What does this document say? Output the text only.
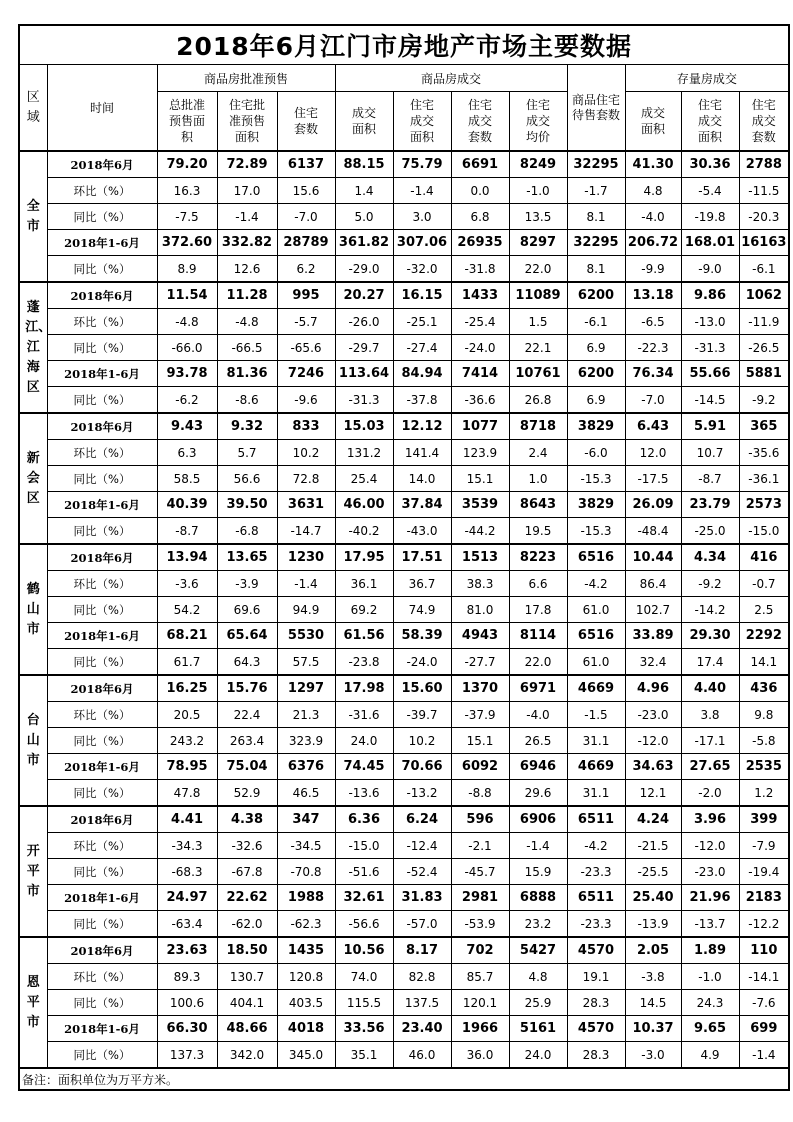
2018年6月江门市房地产市场主要数据												
区域	时间	商品房批准预售			商品房成交				商品住宅待售套数	存量房成交		
		总批准预售面积	住宅批准预售面积	住宅套数	成交面积	住宅成交面积	住宅成交套数	住宅成交均价		成交面积	住宅成交面积	住宅成交套数
全市	2018年6月	79.20	72.89	6137	88.15	75.79	6691	8249	32295	41.30	30.36	2788
	环比（%）	16.3	17.0	15.6	1.4	-1.4	0.0	-1.0	-1.7	4.8	-5.4	-11.5
	同比（%）	-7.5	-1.4	-7.0	5.0	3.0	6.8	13.5	8.1	-4.0	-19.8	-20.3
	2018年1-6月	372.60	332.82	28789	361.82	307.06	26935	8297	32295	206.72	168.01	16163
	同比（%）	8.9	12.6	6.2	-29.0	-32.0	-31.8	22.0	8.1	-9.9	-9.0	-6.1
蓬江、江海区	2018年6月	11.54	11.28	995	20.27	16.15	1433	11089	6200	13.18	9.86	1062
	环比（%）	-4.8	-4.8	-5.7	-26.0	-25.1	-25.4	1.5	-6.1	-6.5	-13.0	-11.9
	同比（%）	-66.0	-66.5	-65.6	-29.7	-27.4	-24.0	22.1	6.9	-22.3	-31.3	-26.5
	2018年1-6月	93.78	81.36	7246	113.64	84.94	7414	10761	6200	76.34	55.66	5881
	同比（%）	-6.2	-8.6	-9.6	-31.3	-37.8	-36.6	26.8	6.9	-7.0	-14.5	-9.2
新会区	2018年6月	9.43	9.32	833	15.03	12.12	1077	8718	3829	6.43	5.91	365
	环比（%）	6.3	5.7	10.2	131.2	141.4	123.9	2.4	-6.0	12.0	10.7	-35.6
	同比（%）	58.5	56.6	72.8	25.4	14.0	15.1	1.0	-15.3	-17.5	-8.7	-36.1
	2018年1-6月	40.39	39.50	3631	46.00	37.84	3539	8643	3829	26.09	23.79	2573
	同比（%）	-8.7	-6.8	-14.7	-40.2	-43.0	-44.2	19.5	-15.3	-48.4	-25.0	-15.0
鹤山市	2018年6月	13.94	13.65	1230	17.95	17.51	1513	8223	6516	10.44	4.34	416
	环比（%）	-3.6	-3.9	-1.4	36.1	36.7	38.3	6.6	-4.2	86.4	-9.2	-0.7
	同比（%）	54.2	69.6	94.9	69.2	74.9	81.0	17.8	61.0	102.7	-14.2	2.5
	2018年1-6月	68.21	65.64	5530	61.56	58.39	4943	8114	6516	33.89	29.30	2292
	同比（%）	61.7	64.3	57.5	-23.8	-24.0	-27.7	22.0	61.0	32.4	17.4	14.1
台山市	2018年6月	16.25	15.76	1297	17.98	15.60	1370	6971	4669	4.96	4.40	436
	环比（%）	20.5	22.4	21.3	-31.6	-39.7	-37.9	-4.0	-1.5	-23.0	3.8	9.8
	同比（%）	243.2	263.4	323.9	24.0	10.2	15.1	26.5	31.1	-12.0	-17.1	-5.8
	2018年1-6月	78.95	75.04	6376	74.45	70.66	6092	6946	4669	34.63	27.65	2535
	同比（%）	47.8	52.9	46.5	-13.6	-13.2	-8.8	29.6	31.1	12.1	-2.0	1.2
开平市	2018年6月	4.41	4.38	347	6.36	6.24	596	6906	6511	4.24	3.96	399
	环比（%）	-34.3	-32.6	-34.5	-15.0	-12.4	-2.1	-1.4	-4.2	-21.5	-12.0	-7.9
	同比（%）	-68.3	-67.8	-70.8	-51.6	-52.4	-45.7	15.9	-23.3	-25.5	-23.0	-19.4
	2018年1-6月	24.97	22.62	1988	32.61	31.83	2981	6888	6511	25.40	21.96	2183
	同比（%）	-63.4	-62.0	-62.3	-56.6	-57.0	-53.9	23.2	-23.3	-13.9	-13.7	-12.2
恩平市	2018年6月	23.63	18.50	1435	10.56	8.17	702	5427	4570	2.05	1.89	110
	环比（%）	89.3	130.7	120.8	74.0	82.8	85.7	4.8	19.1	-3.8	-1.0	-14.1
	同比（%）	100.6	404.1	403.5	115.5	137.5	120.1	25.9	28.3	14.5	24.3	-7.6
	2018年1-6月	66.30	48.66	4018	33.56	23.40	1966	5161	4570	10.37	9.65	699
	同比（%）	137.3	342.0	345.0	35.1	46.0	36.0	24.0	28.3	-3.0	4.9	-1.4
备注：面积单位为万平方米。												
